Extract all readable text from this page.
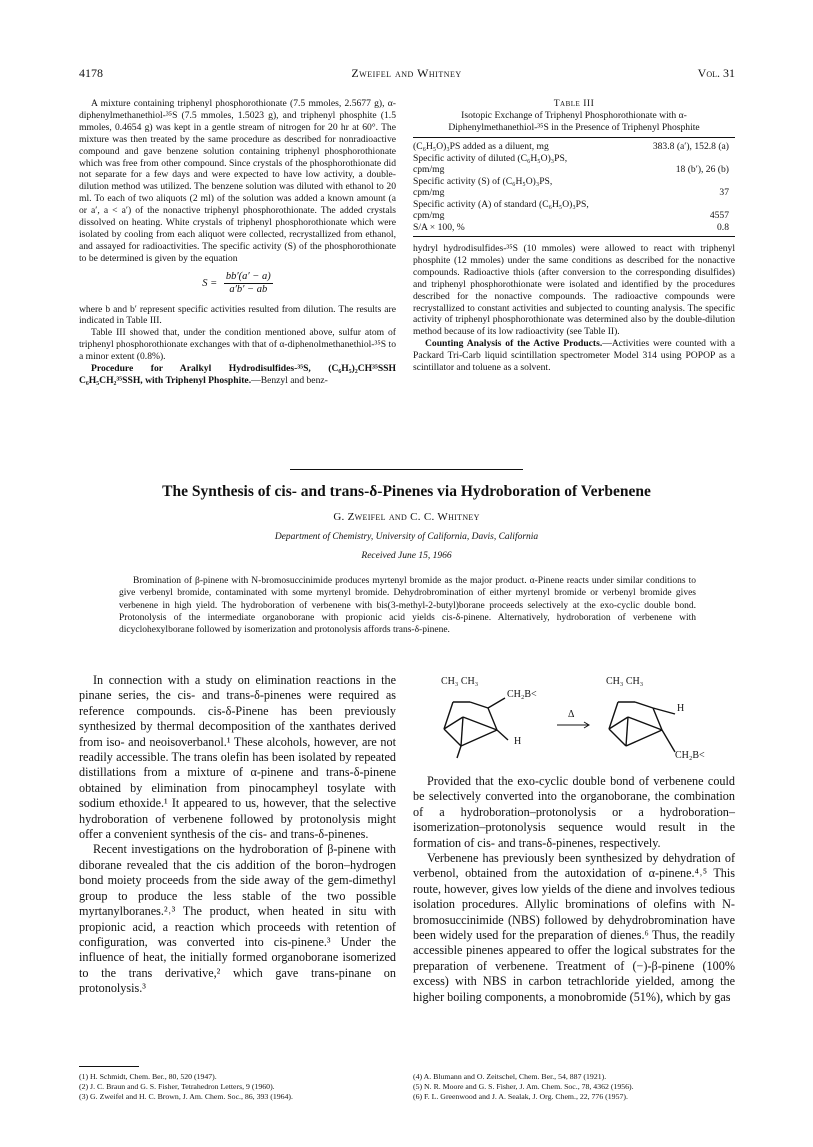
4178	Zweifel and Whitney	Vol. 31

A mixture containing triphenyl phosphorothionate (7.5 mmoles, 2.5677 g), α-diphenylmethanethiol-³⁵S (7.5 mmoles, 1.5023 g), and triphenyl phosphite (1.5 mmoles, 0.4654 g) was kept in a gentle stream of nitrogen for 20 hr at 60°. The mixture was then treated by the same procedure as described for nonradioactive compound and gave benzene solution containing triphenyl phosphorothionate which was free from other compound. Since crystals of the phosphorothionate did not separate for a few days and were expected to have low activity, a double-dilution method was utilized. The benzene solution was diluted with ethanol to 20 ml. To each of two aliquots (2 ml) of the solution was added a known amount (a or a′, a < a′) of the nonactive triphenyl phosphorothionate. The added crystals dissolved on heating. White crystals of triphenyl phosphorothionate which were isolated by cooling from each aliquot were collected, recrystallized from ethanol, and assayed for radioactivities. The specific activity (S) of the phosphorothionate to be determined is given by the equation

$S = \frac{bb'(a' - a)}{a'b' - ab}$

where b and b′ represent specific activities resulted from dilution. The results are indicated in Table III.

Table III showed that, under the condition mentioned above, sulfur atom of triphenyl phosphorothionate exchanges with that of α-diphenolmethanethiol-³⁵S to a minor extent (0.8%).

Procedure for Aralkyl Hydrodisulfides-³⁵S, (C₆H₅)₂CH³⁵SSH C₆H₅CH₂³⁵SSH, with Triphenyl Phosphite.—Benzyl and benz-

Table III
Isotopic Exchange of Triphenyl Phosphorothionate with α-Diphenylmethanethiol-³⁵S in the Presence of Triphenyl Phosphite
(C₆H₅O)₃PS added as a diluent, mg	383.8 (a′), 152.8 (a)
Specific activity of diluted (C₆H₅O)₃PS,	
cpm/mg	18 (b′), 26 (b)
Specific activity (S) of (C₆H₅O)₃PS,	
cpm/mg	37
Specific activity (A) of standard (C₆H₅O)₃PS,	
cpm/mg	4557
S/A × 100, %	0.8

hydryl hydrodisulfides-³⁵S (10 mmoles) were allowed to react with triphenyl phosphite (12 mmoles) under the same conditions as described for the nonactive compounds. Radioactive thiols (after conversion to the corresponding disulfides) and triphenyl phosphorothionate were isolated and identified by the procedures described for the nonactive compounds. The radioactive compounds were recrystallized to constant activities and subjected to counting analysis. The specific activity of triphenyl phosphorothionate was determined also by the double-dilution method because of its low radioactivity (see Table II).

Counting Analysis of the Active Products.—Activities were counted with a Packard Tri-Carb liquid scintillation spectrometer Model 314 using POPOP as a scintillator and toluene as a solvent.

The Synthesis of cis- and trans-δ-Pinenes via Hydroboration of Verbenene
G. Zweifel and C. C. Whitney
Department of Chemistry, University of California, Davis, California
Received June 15, 1966

Bromination of β-pinene with N-bromosuccinimide produces myrtenyl bromide as the major product. α-Pinene reacts under similar conditions to give verbenyl bromide, contaminated with some myrtenyl bromide. Dehydrobromination of either myrtenyl bromide or verbenyl bromide gives verbenene in high yield. The hydroboration of verbenene with bis(3-methyl-2-butyl)borane proceeds selectively at the exo-cyclic double bond. Protonolysis of the intermediate organoborane with propionic acid yields cis-δ-pinene. Alternatively, hydroboration of verbenene with dicyclohexylborane followed by isomerization and protonolysis affords trans-δ-pinene.

In connection with a study on elimination reactions in the pinane series, the cis- and trans-δ-pinenes were required as reference compounds. cis-δ-Pinene has been previously synthesized by thermal decomposition of the xanthates derived from iso- and neoisoverbanol.¹ These alcohols, however, are not readily accessible. The trans olefin has been isolated by repeated distillations from a mixture of α-pinene and trans-δ-pinene obtained by elimination from pinocampheyl tosylate with sodium ethoxide.¹ It appeared to us, however, that the selective hydroboration of verbenene followed by protonolysis might offer a convenient synthesis of the cis- and trans-δ-pinenes.

Recent investigations on the hydroboration of β-pinene with diborane revealed that the cis addition of the boron–hydrogen bond moiety proceeds from the side away of the gem-dimethyl group to produce the less stable of the two possible myrtanylboranes.²˒³ The product, when heated in situ with propionic acid, a reaction which proceeds with retention of configuration, was converted into cis-pinene.³ Under the influence of heat, the initially formed organoborane isomerized to the trans derivative,² which gave trans-pinane on protonolysis.³

CH₃ CH₃
CH₂B<
H
Δ
CH₃ CH₃
H
CH₂B<

Provided that the exo-cyclic double bond of verbenene could be selectively converted into the organoborane, the combination of a hydroboration–protonolysis or a hydroboration–isomerization–protonolysis sequence would result in the formation of cis- and trans-δ-pinenes, respectively.

Verbenene has previously been synthesized by dehydration of verbenol, obtained from the autoxidation of α-pinene.⁴˒⁵ This route, however, gives low yields of the diene and involves tedious isolation procedures. Allylic brominations of olefins with N-bromosuccinimide (NBS) followed by dehydrobromination have been widely used for the preparation of dienes.⁶ Thus, the readily accessible pinenes appeared to offer the logical substrates for the preparation of verbenene. Treatment of (−)-β-pinene (100% excess) with NBS in carbon tetrachloride yielded, among the higher boiling components, a monobromide (51%), which by gas

(1) H. Schmidt, Chem. Ber., 80, 520 (1947).
(2) J. C. Braun and G. S. Fisher, Tetrahedron Letters, 9 (1960).
(3) G. Zweifel and H. C. Brown, J. Am. Chem. Soc., 86, 393 (1964).
(4) A. Blumann and O. Zeitschel, Chem. Ber., 54, 887 (1921).
(5) N. R. Moore and G. S. Fisher, J. Am. Chem. Soc., 78, 4362 (1956).
(6) F. L. Greenwood and J. A. Sealak, J. Org. Chem., 22, 776 (1957).
